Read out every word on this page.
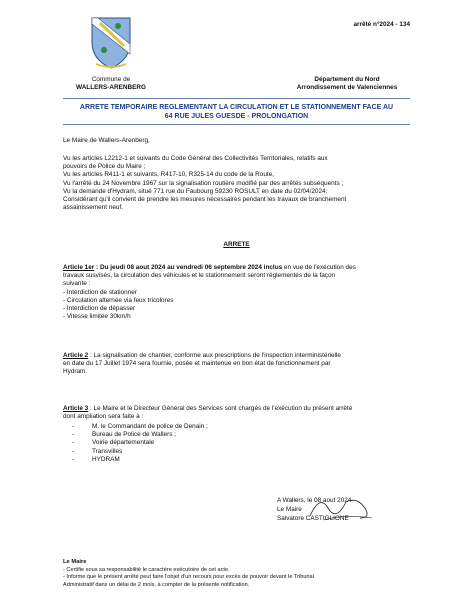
arrêté n°2024 - 134
Commune de
WALLERS-ARENBERG
Département du Nord
Arrondissement de Valenciennes
ARRETE TEMPORAIRE REGLEMENTANT LA CIRCULATION ET LE STATIONNEMENT FACE AU
64 RUE JULES GUESDE - PROLONGATION
Le Maire de Wallers-Arenberg,
Vu les articles L2212-1 et suivants du Code Général des Collectivités Territoriales, relatifs aux
pouvoirs de Police du Maire ;
Vu les articles R411-1 et suivants, R417-10, R325-14 du code de la Route,
Vu l'arrêté du 24 Novembre 1967 sur la signalisation routière modifié par des arrêtés subséquents ;
Vu la demande d'Hydram, situé 771 rue du Faubourg 59230 ROSULT en date du 02/04/2024;
Considérant qu'il convient de prendre les mesures nécessaires pendant les travaux de branchement
assainissement neuf.
ARRETE
Article 1er : Du jeudi 08 aout 2024 au vendredi 06 septembre 2024 inclus en vue de l'exécution des
travaux susvisés, la circulation des véhicules et le stationnement seront réglementés de la façon
suivante :
- Interdiction de stationner
- Circulation alternée via feux tricolores
- Interdiction de dépasser
- Vitesse limitée 30km/h
Article 2 : La signalisation de chantier, conforme aux prescriptions de l'inspection interministérielle
en date du 17 Juillet 1974 sera fournie, posée et maintenue en bon état de fonctionnement par
Hydram.
Article 3 : Le Maire et le Directeur Général des Services sont chargés de l'exécution du présent arrêté
dont ampliation sera faite à :
-
-
-
-
-
M. le Commandant de police de Denain ;
Bureau de Police de Wallers ;
Voirie départementale
Transvilles
HYDRAM
A Wallers, le 08 aout 2024
Le Maire
Salvatore CASTIGLIONE
Le Maire
- Certifie sous sa responsabilité le caractère exécutoire de cet acte.
- Informe que le présent arrêté peut faire l'objet d'un recours pour excès de pouvoir devant le Tribunal
Administratif dans un délai de 2 mois, à compter de la présente notification.
